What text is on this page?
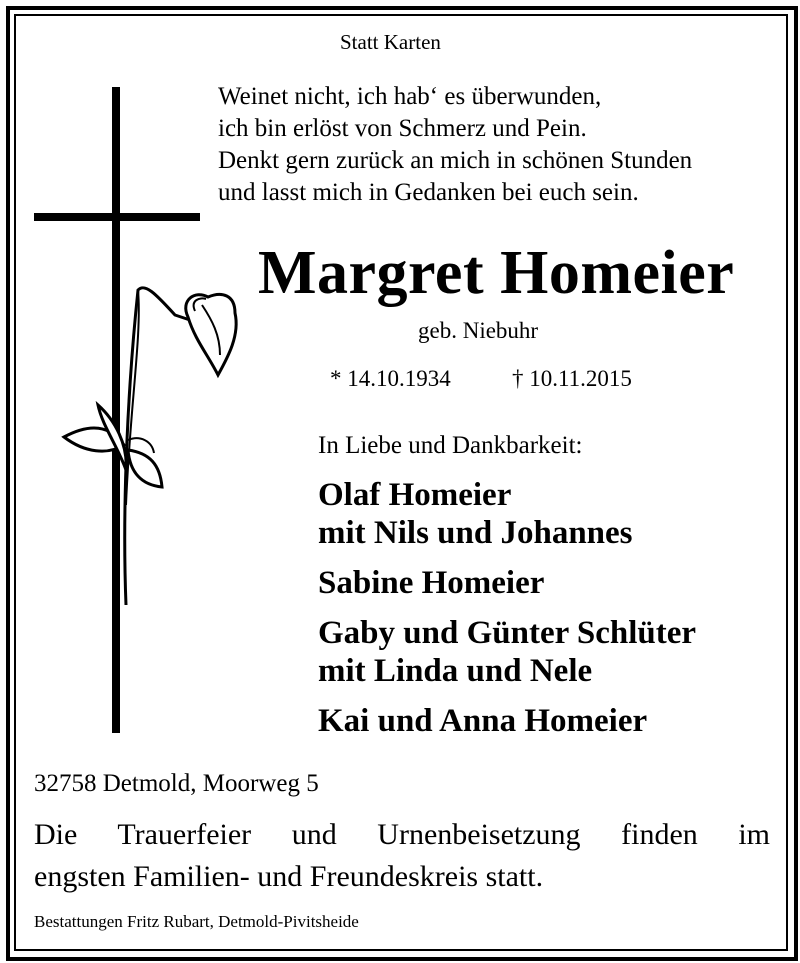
Statt Karten
Weinet nicht, ich hab‘ es überwunden,
ich bin erlöst von Schmerz und Pein.
Denkt gern zurück an mich in schönen Stunden
und lasst mich in Gedanken bei euch sein.
Margret Homeier
geb. Niebuhr
* 14.10.1934	† 10.11.2015
In Liebe und Dankbarkeit:
Olaf Homeier
mit Nils und Johannes
Sabine Homeier
Gaby und Günter Schlüter
mit Linda und Nele
Kai und Anna Homeier
32758 Detmold, Moorweg 5
Die Trauerfeier und Urnenbeisetzung finden im
engsten Familien- und Freundeskreis statt.
Bestattungen Fritz Rubart, Detmold-Pivitsheide
